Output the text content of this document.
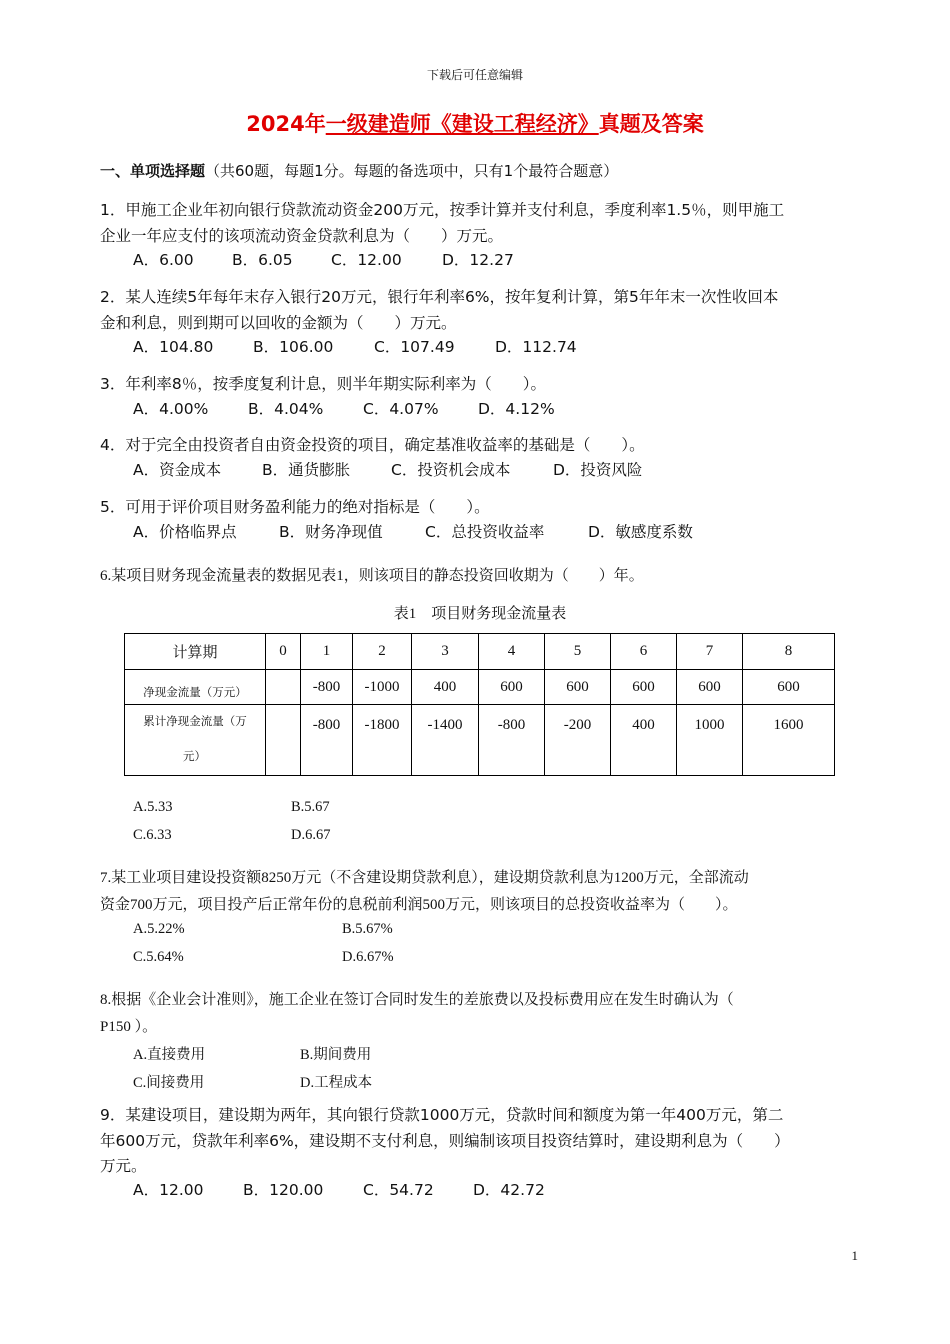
下载后可任意编辑
2024年一级建造师《建设工程经济》真题及答案
一、单项选择题（共60题，每题1分。每题的备选项中，只有1个最符合题意）
1．甲施工企业年初向银行贷款流动资金200万元，按季计算并支付利息，季度利率1.5％，则甲施工
企业一年应支付的该项流动资金贷款利息为（　　）万元。
A．6.00 B．6.05 C．12.00	D．12.27
2．某人连续5年每年末存入银行20万元，银行年利率6%，按年复利计算，第5年年末一次性收回本
金和利息，则到期可以回收的金额为（　　）万元。
A．104.80	B．106.00	C．107.49	D．112.74
3．年利率8％，按季度复利计息，则半年期实际利率为（　　）。
A．4.00%	B．4.04%	C．4.07%	D．4.12%
4．对于完全由投资者自由资金投资的项目，确定基准收益率的基础是（　　）。
A．资金成本	B．通货膨胀	C．投资机会成本	D．投资风险
5．可用于评价项目财务盈利能力的绝对指标是（　　）。
A．价格临界点	B．财务净现值	C．总投资收益率	D．敏感度系数
6.某项目财务现金流量表的数据见表1，则该项目的静态投资回收期为（　　）年。
表1　项目财务现金流量表
计算期	0	1	2	3	4	5	6	7	8
净现金流量（万元）		-800	-1000	400	600	600	600	600	600

累计净现金流量（万
元）		-800	-1800	-1400	-800	-200	400	1000	1600
A.5.33	B.5.67
C.6.33	D.6.67
7.某工业项目建设投资额8250万元（不含建设期贷款利息），建设期贷款利息为1200万元，全部流动
资金700万元，项目投产后正常年份的息税前利润500万元，则该项目的总投资收益率为（　　）。
A.5.22%	B.5.67%
C.5.64%	D.6.67%
8.根据《企业会计准则》，施工企业在签订合同时发生的差旅费以及投标费用应在发生时确认为（
P150 ）。
A.直接费用	B.期间费用
C.间接费用	D.工程成本
9．某建设项目，建设期为两年，其向银行贷款1000万元，贷款时间和额度为第一年400万元，第二
年600万元，贷款年利率6%，建设期不支付利息，则编制该项目投资结算时，建设期利息为（　　）
万元。
A．12.00	B．120.00	C．54.72	D．42.72
1
